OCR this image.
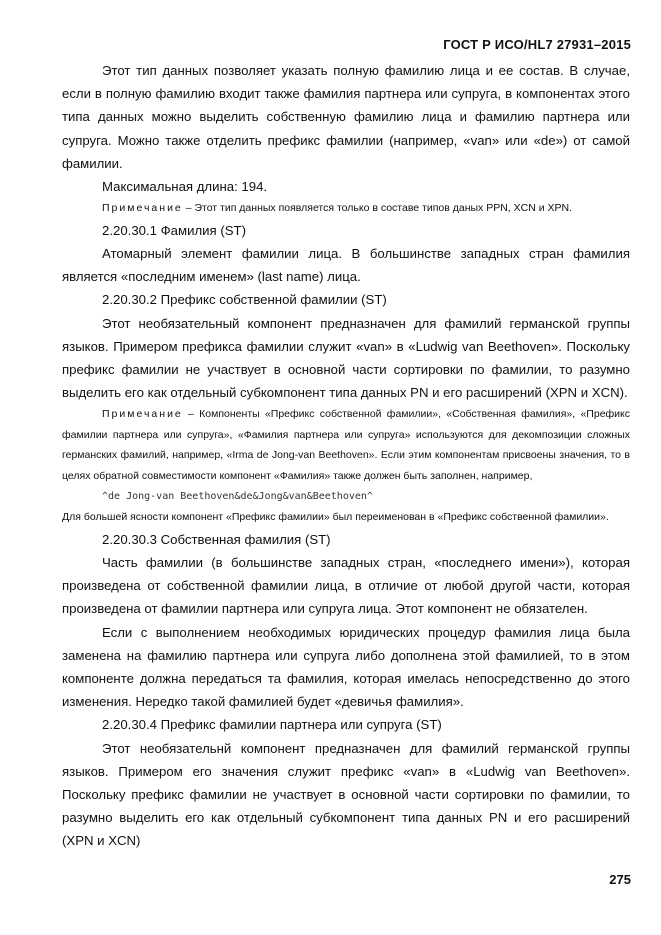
ГОСТ Р ИСО/HL7 27931–2015

Этот тип данных позволяет указать полную фамилию лица и ее состав. В случае, если в полную фамилию входит также фамилия партнера или супруга, в компонентах этого типа данных можно выделить собственную фамилию лица и фамилию партнера или супруга. Можно также отделить префикс фамилии (например, «van» или «de») от самой фамилии.

Максимальная длина: 194.

Примечание – Этот тип данных появляется только в составе типов даных PPN, XCN и XPN.

2.20.30.1 Фамилия (ST)

Атомарный элемент фамилии лица. В большинстве западных стран фамилия является «последним именем» (last name) лица.

2.20.30.2 Префикс собственной фамилии (ST)

Этот необязательный компонент предназначен для фамилий германской группы языков. Примером префикса фамилии служит «van» в «Ludwig van Beethoven». Поскольку префикс фамилии не участвует в основной части сортировки по фамилии, то разумно выделить его как отдельный субкомпонент типа данных PN и его расширений (XPN и XCN).

Примечание – Компоненты «Префикс собственной фамилии», «Собственная фамилия», «Префикс фамилии партнера или супруга», «Фамилия партнера или супруга» используются для декомпозиции сложных германских фамилий, например, «Irma de Jong-van Beethoven». Если этим компонентам присвоены значения, то в целях обратной совместимости компонент «Фамилия» также должен быть заполнен, например,

^de Jong-van Beethoven&de&Jong&van&Beethoven^

Для большей ясности компонент «Префикс фамилии» был переименован в «Префикс собственной фамилии».

2.20.30.3 Собственная фамилия (ST)

Часть фамилии (в большинстве западных стран, «последнего имени»), которая произведена от собственной фамилии лица, в отличие от любой другой части, которая произведена от фамилии партнера или супруга лица. Этот компонент не обязателен.

Если с выполнением необходимых юридических процедур фамилия лица была заменена на фамилию партнера или супруга либо дополнена этой фамилией, то в этом компоненте должна передаться та фамилия, которая имелась непосредственно до этого изменения. Нередко такой фамилией будет «девичья фамилия».

2.20.30.4 Префикс фамилии партнера или супруга (ST)

Этот необязательнй компонент предназначен для фамилий германской группы языков. Примером его значения служит префикс «van» в «Ludwig van Beethoven». Поскольку префикс фамилии не участвует в основной части сортировки по фамилии, то разумно выделить его как отдельный субкомпонент типа данных PN и его расширений (XPN и XCN)

275
